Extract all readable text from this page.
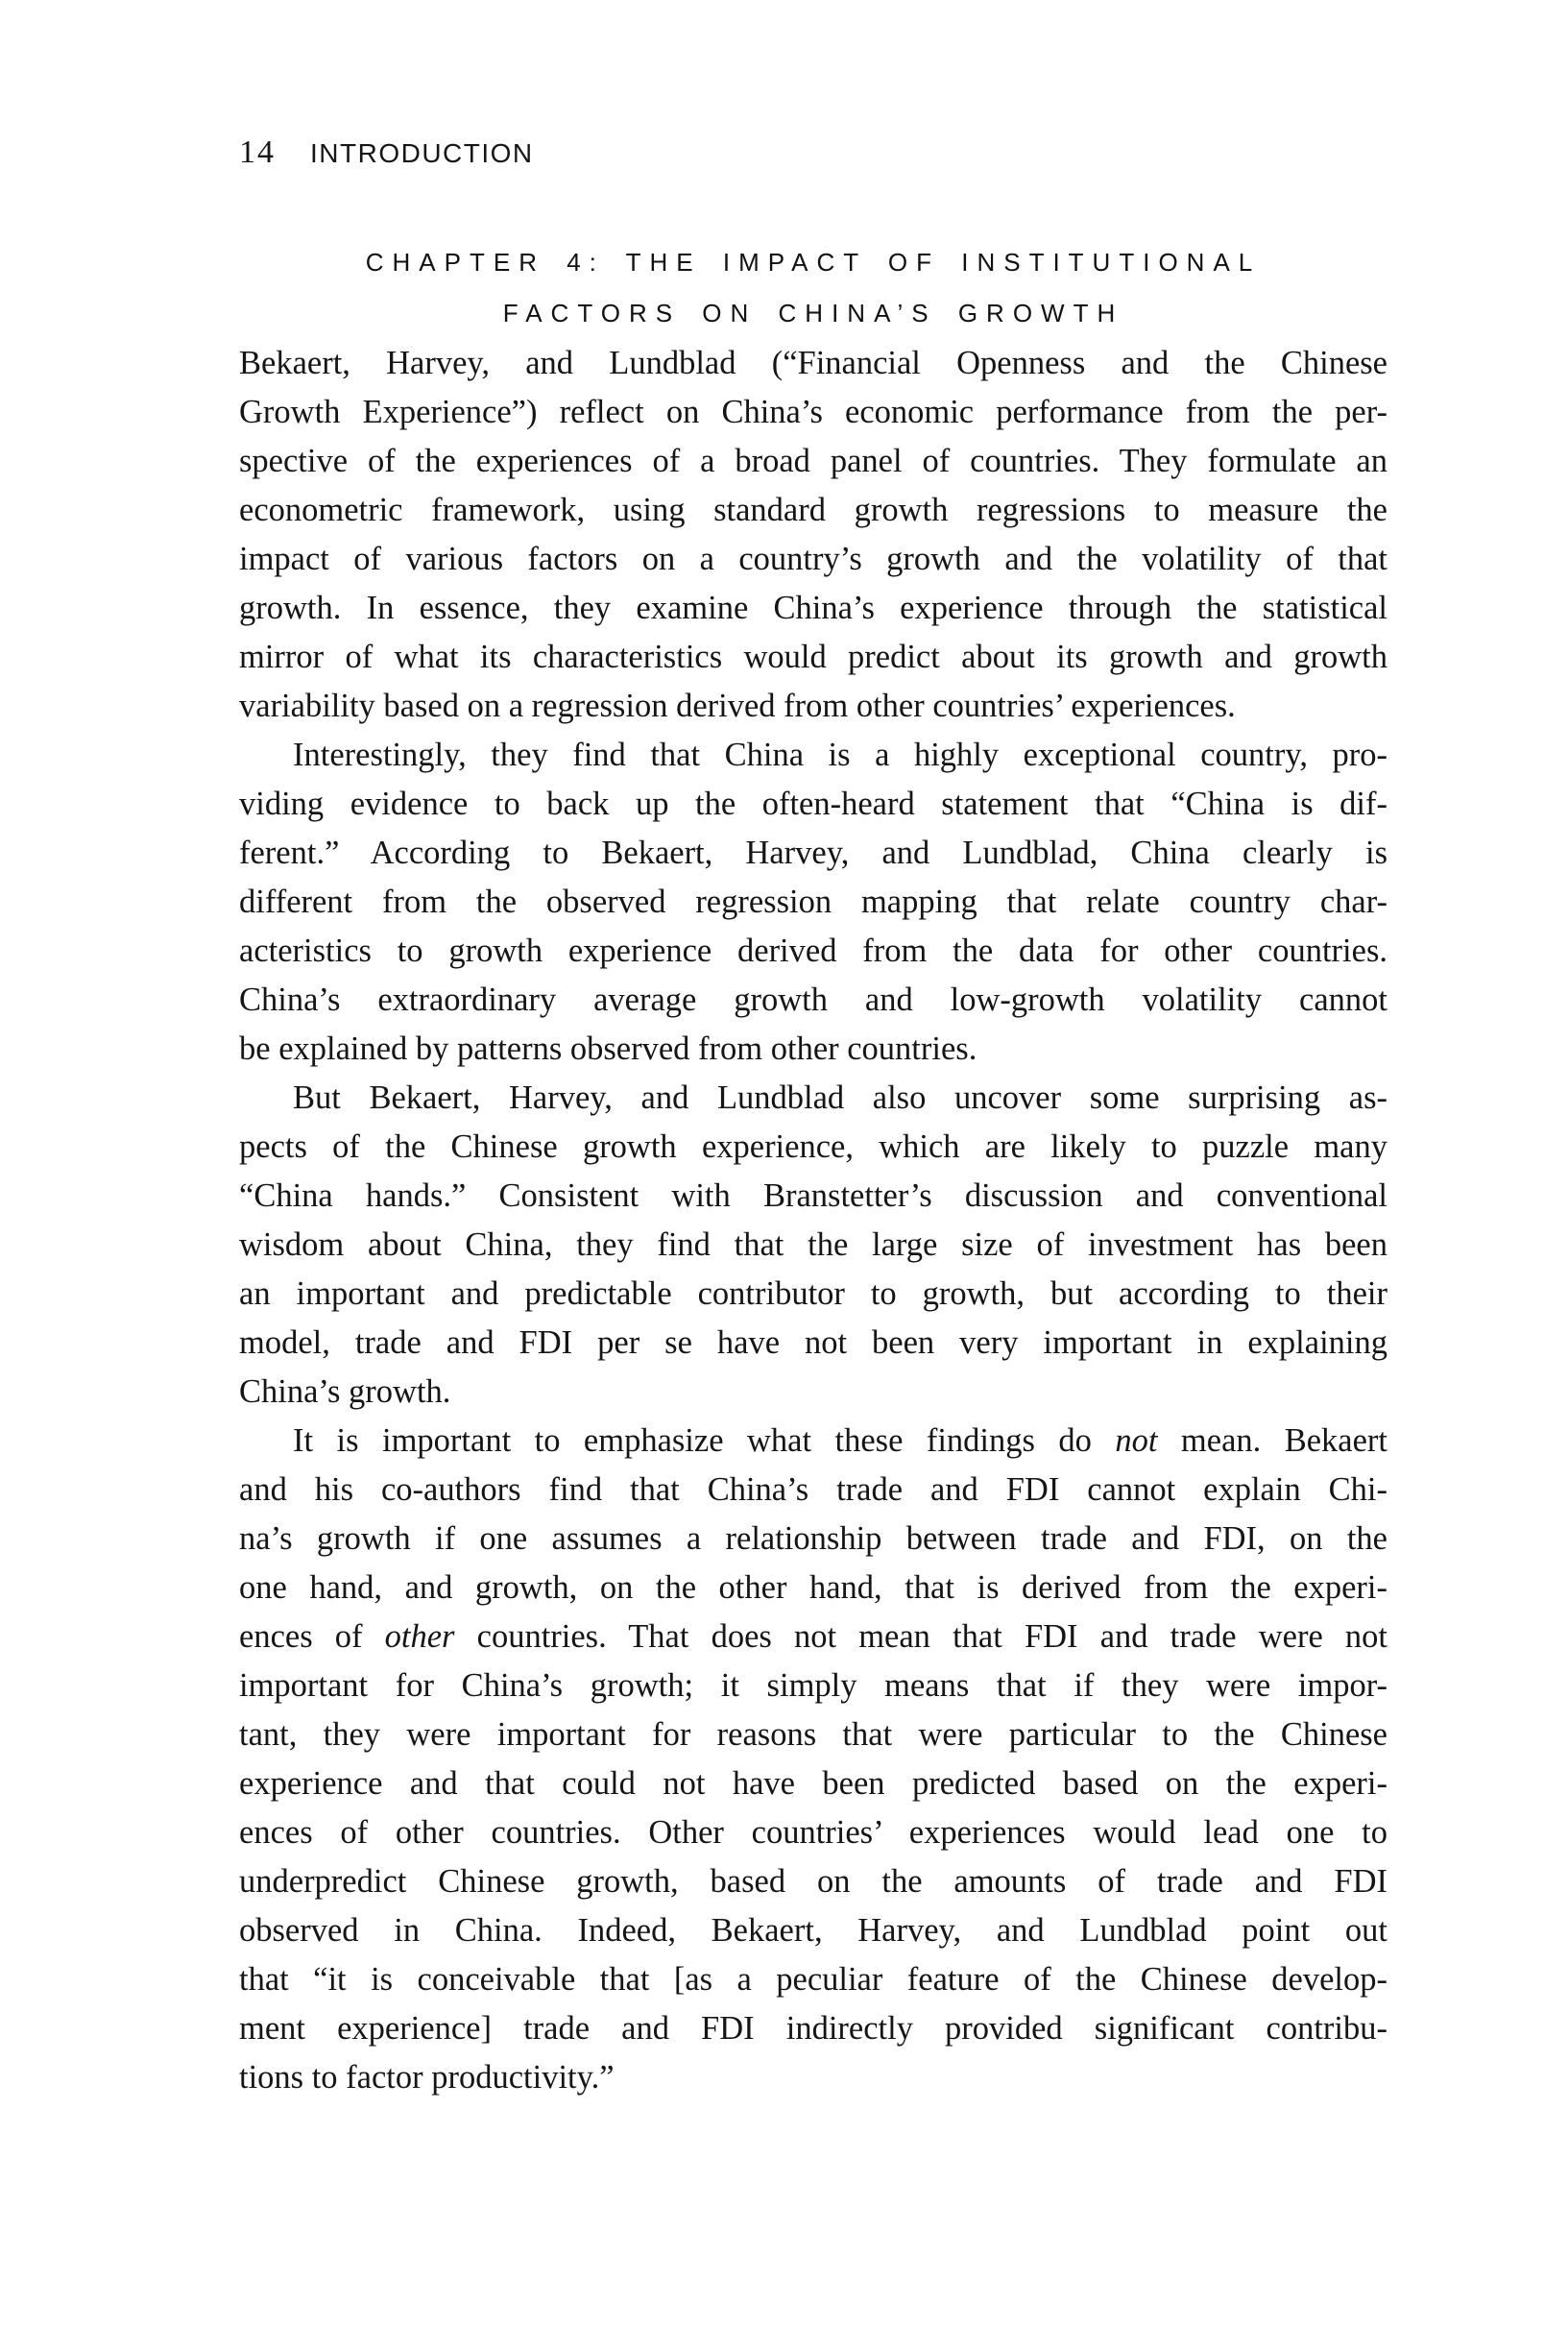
14 INTRODUCTION
CHAPTER 4: THE IMPACT OF INSTITUTIONAL
FACTORS ON CHINA’S GROWTH
Bekaert, Harvey, and Lundblad (“Financial Openness and the Chinese
Growth Experience”) reflect on China’s economic performance from the per-
spective of the experiences of a broad panel of countries. They formulate an
econometric framework, using standard growth regressions to measure the
impact of various factors on a country’s growth and the volatility of that
growth. In essence, they examine China’s experience through the statistical
mirror of what its characteristics would predict about its growth and growth
variability based on a regression derived from other countries’ experiences.
Interestingly, they find that China is a highly exceptional country, pro-
viding evidence to back up the often-heard statement that “China is dif-
ferent.” According to Bekaert, Harvey, and Lundblad, China clearly is
different from the observed regression mapping that relate country char-
acteristics to growth experience derived from the data for other countries.
China’s extraordinary average growth and low-growth volatility cannot
be explained by patterns observed from other countries.
But Bekaert, Harvey, and Lundblad also uncover some surprising as-
pects of the Chinese growth experience, which are likely to puzzle many
“China hands.” Consistent with Branstetter’s discussion and conventional
wisdom about China, they find that the large size of investment has been
an important and predictable contributor to growth, but according to their
model, trade and FDI per se have not been very important in explaining
China’s growth.
It is important to emphasize what these findings do not mean. Bekaert
and his co-authors find that China’s trade and FDI cannot explain Chi-
na’s growth if one assumes a relationship between trade and FDI, on the
one hand, and growth, on the other hand, that is derived from the experi-
ences of other countries. That does not mean that FDI and trade were not
important for China’s growth; it simply means that if they were impor-
tant, they were important for reasons that were particular to the Chinese
experience and that could not have been predicted based on the experi-
ences of other countries. Other countries’ experiences would lead one to
underpredict Chinese growth, based on the amounts of trade and FDI
observed in China. Indeed, Bekaert, Harvey, and Lundblad point out
that “it is conceivable that [as a peculiar feature of the Chinese develop-
ment experience] trade and FDI indirectly provided significant contribu-
tions to factor productivity.”
